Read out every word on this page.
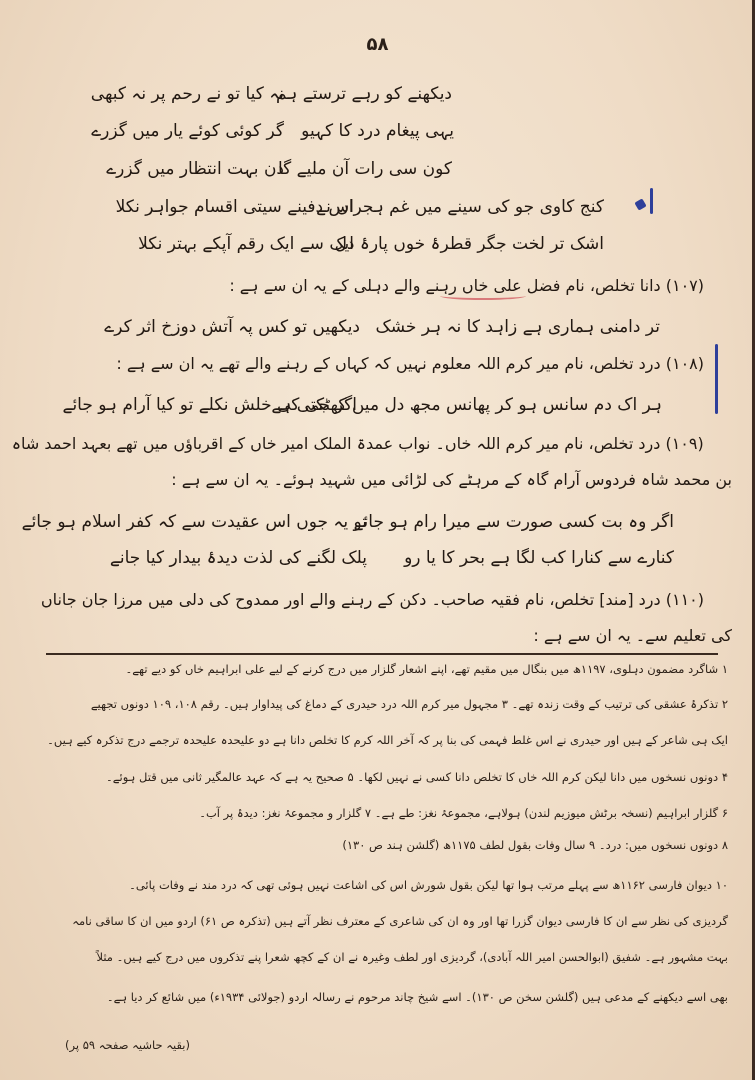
۵۸
دیکھنے کو رہے ترستے ہم
نہ کیا تو نے رحم پر نہ کبھی
یہی پیغام درد کا کہیو
گر کوئی کوئے یار میں گزرے
کون سی رات آن ملیے گا
دن بہت انتظار میں گزرے
کنج کاوی جو کی سینے میں غم ہجراں نے
اس دفینے سیتی اقسام جواہر نکلا
اشک تر لخت جگر قطرۂ خوں پارۂ دل
ایک سے ایک رقم آپکے بہتر نکلا
(۱۰۷) دانا تخلص، نام فضل علی خاں رہنے والے دہلی کے یہ ان سے ہے :
تر دامنی ہماری ہے زاہد کا نہ ہر خشک
دیکھیں تو کس پہ آتش دوزخ اثر کرے
(۱۰۸) درد تخلص، نام میر کرم اللہ معلوم نہیں کہ کہاں کے رہنے والے تھے یہ ان سے ہے :
ہر اک دم سانس ہو کر پھانس مجھ دل میں کھٹکتی ہے
اگر جی کی خلش نکلے تو کیا آرام ہو جائے
(۱۰۹) درد تخلص، نام میر کرم اللہ خاں۔ نواب عمدۃ الملک امیر خاں کے اقرباؤں میں تھے بعہد احمد شاہ
بن محمد شاہ فردوس آرام گاہ کے مرہٹے کی لڑائی میں شہید ہوئے۔ یہ ان سے ہے :
اگر وہ بت کسی صورت سے میرا رام ہو جائے
تو یہ جوں اس عقیدت سے کہ کفر اسلام ہو جائے
کنارے سے کنارا کب لگا ہے بحر کا یا رو
پلک لگنے کی لذت دیدۂ بیدار کیا جانے
(۱۱۰) درد [مند] تخلص، نام فقیہ صاحب۔ دکن کے رہنے والے اور ممدوح کی دلی میں مرزا جان جاناں
کی تعلیم سے۔ یہ ان سے ہے :
۱ شاگرد مضمون دہلوی، ۱۱۹۷ھ میں بنگال میں مقیم تھے، اپنے اشعار گلزار میں درج کرنے کے لیے علی ابراہیم خاں کو دیے تھے۔
۲ تذکرۂ عشقی کی ترتیب کے وقت زندہ تھے۔ ۳ مجہول میر کرم اللہ درد حیدری کے دماغ کی پیداوار ہیں۔ رقم ۱۰۸، ۱۰۹ دونوں تجھیے
ایک ہی شاعر کے ہیں اور حیدری نے اس غلط فہمی کی بنا پر کہ آخر اللہ کرم کا تخلص دانا ہے دو علیحدہ علیحدہ ترجمے درج تذکرہ کیے ہیں۔
۴ دونوں نسخوں میں دانا لیکن کرم اللہ خاں کا تخلص دانا کسی نے نہیں لکھا۔ ۵ صحیح یہ ہے کہ عہد عالمگیر ثانی میں قتل ہوئے۔
۶ گلزار ابراہیم (نسخہ برٹش میوزیم لندن) ہولاہے، مجموعۂ نغز: طے ہے۔ ۷ گلزار و مجموعۂ نغز: دیدۂ پر آب۔
۸ دونوں نسخوں میں: درد۔ ۹ سال وفات بقول لطف ۱۱۷۵ھ (گلشن ہند ص ۱۳۰)
۱۰ دیوان فارسی ۱۱۶۲ھ سے پہلے مرتب ہوا تھا لیکن بقول شورش اس کی اشاعت نہیں ہوئی تھی کہ درد مند نے وفات پائی۔
گردیزی کی نظر سے ان کا فارسی دیوان گزرا تھا اور وہ ان کی شاعری کے معترف نظر آتے ہیں (تذکرہ ص ۶۱) اردو میں ان کا ساقی نامہ
بہت مشہور ہے۔ شفیق (ابوالحسن امیر اللہ آبادی)، گردیزی اور لطف وغیرہ نے ان کے کچھ شعرا پنے تذکروں میں درج کیے ہیں۔ مثلاً
بھی اسے دیکھنے کے مدعی ہیں (گلشن سخن ص ۱۳۰)۔ اسے شیخ چاند مرحوم نے رسالہ اردو (جولائی ۱۹۳۴ء) میں شائع کر دیا ہے۔
(بقیہ حاشیہ صفحہ ۵۹ پر)
